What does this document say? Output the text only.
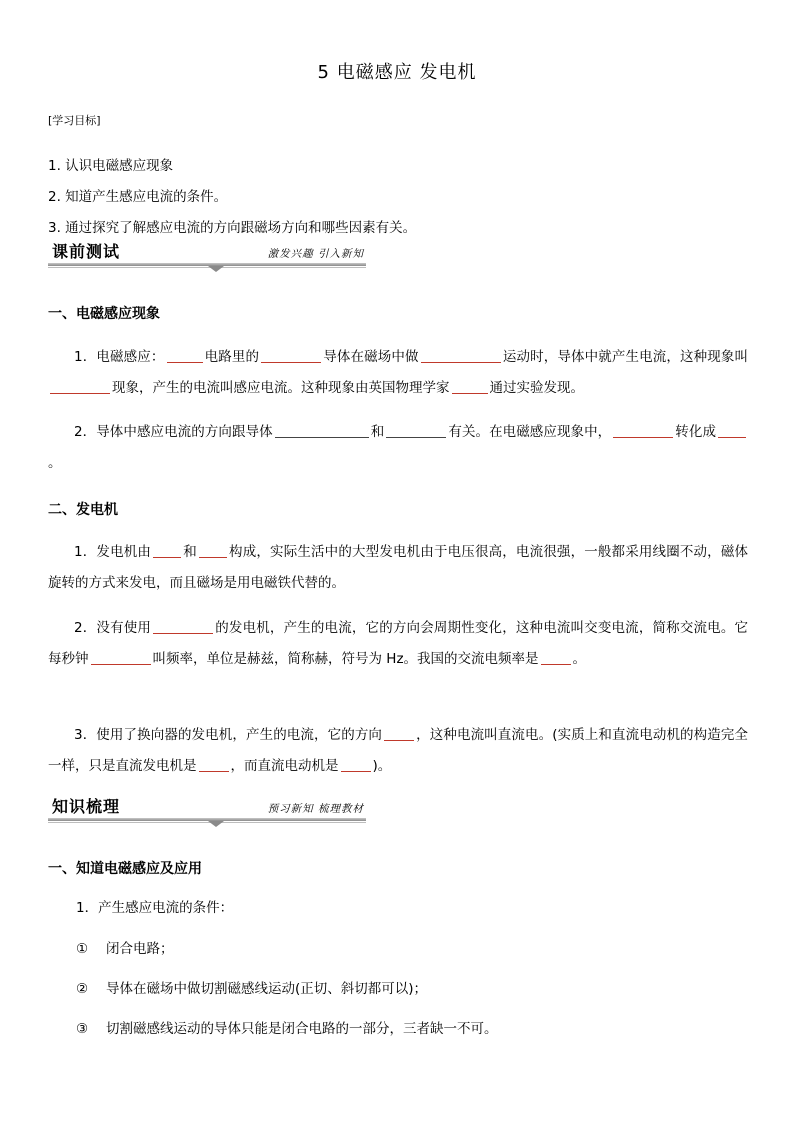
5 电磁感应 发电机
[学习目标]
1. 认识电磁感应现象
2. 知道产生感应电流的条件。
3. 通过探究了解感应电流的方向跟磁场方向和哪些因素有关。
课前测试	激发兴趣 引入新知
一、电磁感应现象
1．电磁感应：	电路里的	导体在磁场中做	运动时，导体中就产生电流，这种现象叫现象，产生的电流叫感应电流。这种现象由英国物理学家	通过实验发现。
2．导体中感应电流的方向跟导体	和	有关。在电磁感应现象中，	转化成。
二、发电机
1．发电机由 和 构成，实际生活中的大型发电机由于电压很高，电流很强，一般都采用线圈不动，磁体旋转的方式来发电，而且磁场是用电磁铁代替的。
2．没有使用	的发电机，产生的电流，它的方向会周期性变化，这种电流叫交变电流，简称交流电。它每秒钟	叫频率，单位是赫兹，简称赫，符号为 Hz。我国的交流电频率是	。
3．使用了换向器的发电机，产生的电流，它的方向	，这种电流叫直流电。(实质上和直流电动机的构造完全一样，只是直流发电机是	，而直流电动机是	)。
知识梳理	预习新知 梳理教材
一、知道电磁感应及应用
1．产生感应电流的条件：
① 闭合电路；
② 导体在磁场中做切割磁感线运动(正切、斜切都可以)；
③ 切割磁感线运动的导体只能是闭合电路的一部分，三者缺一不可。
